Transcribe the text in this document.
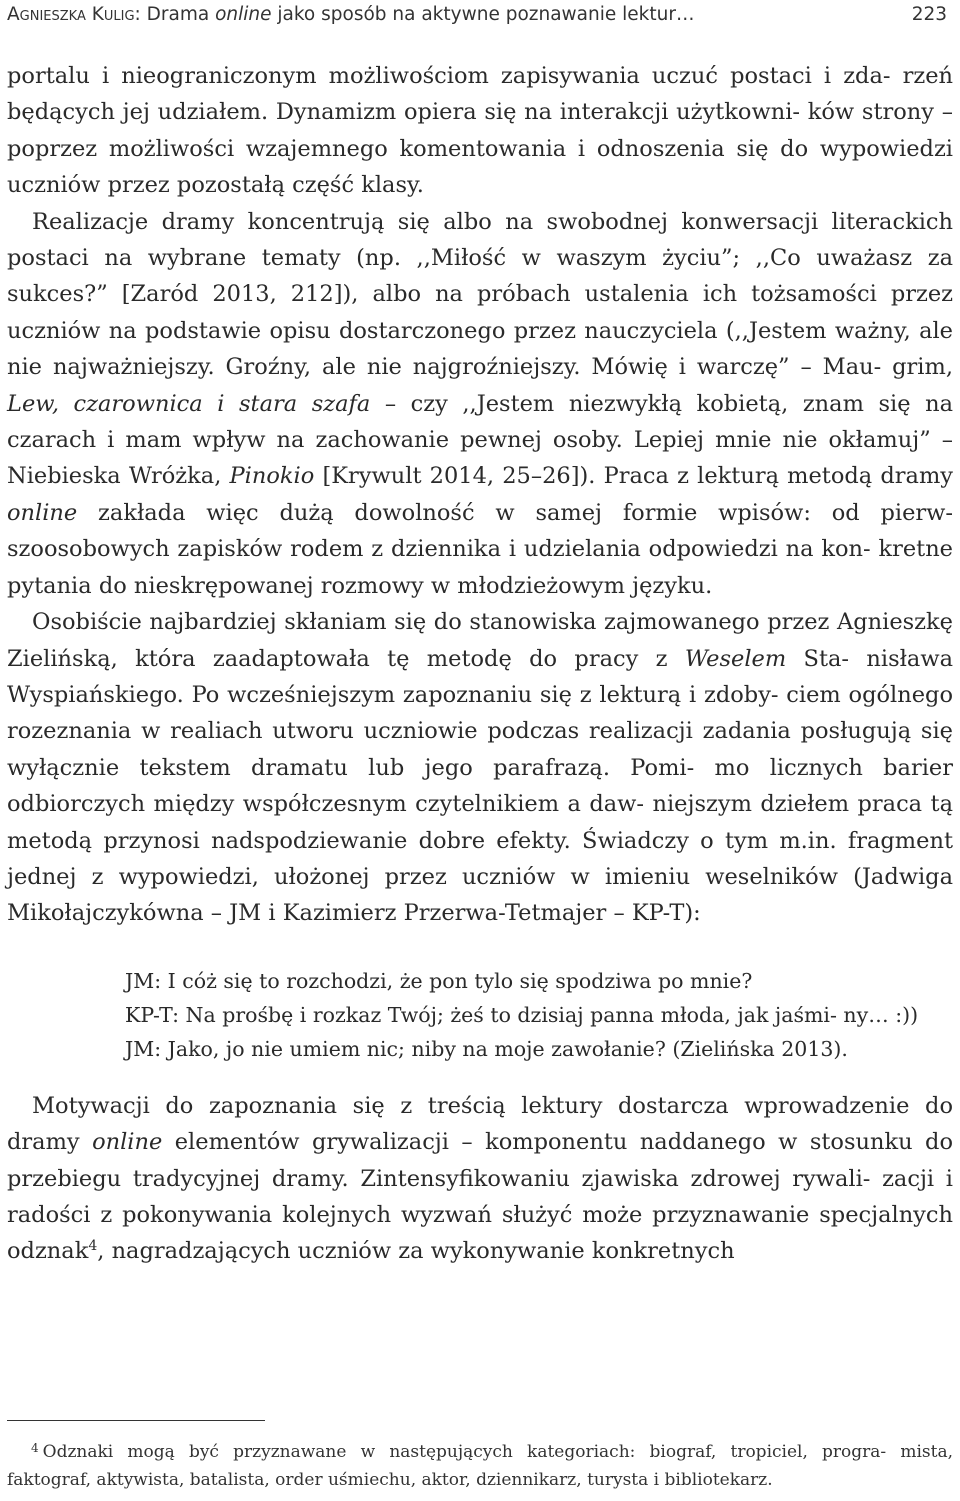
Agnieszka Kulig: Drama online jako sposób na aktywne poznawanie lektur…	223

portalu i nieograniczonym możliwościom zapisywania uczuć postaci i zda- rzeń będących jej udziałem. Dynamizm opiera się na interakcji użytkowni- ków strony – poprzez możliwości wzajemnego komentowania i odnoszenia się do wypowiedzi uczniów przez pozostałą część klasy.

Realizacje dramy koncentrują się albo na swobodnej konwersacji literackich postaci na wybrane tematy (np. ,,Miłość w waszym życiu”; ,,Co uważasz za sukces?” [Zaród 2013, 212]), albo na próbach ustalenia ich tożsamości przez uczniów na podstawie opisu dostarczonego przez nauczyciela (,,Jestem ważny, ale nie najważniejszy. Groźny, ale nie najgroźniejszy. Mówię i warczę” – Mau- grim, Lew, czarownica i stara szafa – czy ,,Jestem niezwykłą kobietą, znam się na czarach i mam wpływ na zachowanie pewnej osoby. Lepiej mnie nie okłamuj” – Niebieska Wróżka, Pinokio [Krywult 2014, 25–26]). Praca z lekturą metodą dramy online zakłada więc dużą dowolność w samej formie wpisów: od pierw- szoosobowych zapisków rodem z dziennika i udzielania odpowiedzi na kon- kretne pytania do nieskrępowanej rozmowy w młodzieżowym języku.

Osobiście najbardziej skłaniam się do stanowiska zajmowanego przez Agnieszkę Zielińską, która zaadaptowała tę metodę do pracy z Weselem Sta- nisława Wyspiańskiego. Po wcześniejszym zapoznaniu się z lekturą i zdoby- ciem ogólnego rozeznania w realiach utworu uczniowie podczas realizacji zadania posługują się wyłącznie tekstem dramatu lub jego parafrazą. Pomi- mo licznych barier odbiorczych między współczesnym czytelnikiem a daw- niejszym dziełem praca tą metodą przynosi nadspodziewanie dobre efekty. Świadczy o tym m.in. fragment jednej z wypowiedzi, ułożonej przez uczniów w imieniu weselników (Jadwiga Mikołajczykówna – JM i Kazimierz Przerwa-Tetmajer – KP-T):

JM: I cóż się to rozchodzi, że pon tylo się spodziwa po mnie?
KP-T: Na prośbę i rozkaz Twój; żeś to dzisiaj panna młoda, jak jaśmi- ny… :))
JM: Jako, jo nie umiem nic; niby na moje zawołanie? (Zielińska 2013).

Motywacji do zapoznania się z treścią lektury dostarcza wprowadzenie do dramy online elementów grywalizacji – komponentu naddanego w stosunku do przebiegu tradycyjnej dramy. Zintensyfikowaniu zjawiska zdrowej rywali- zacji i radości z pokonywania kolejnych wyzwań służyć może przyznawanie specjalnych odznak$^4$, nagradzających uczniów za wykonywanie konkretnych

$^4$ Odznaki mogą być przyznawane w następujących kategoriach: biograf, tropiciel, progra- mista, faktograf, aktywista, batalista, order uśmiechu, aktor, dziennikarz, turysta i bibliotekarz.
